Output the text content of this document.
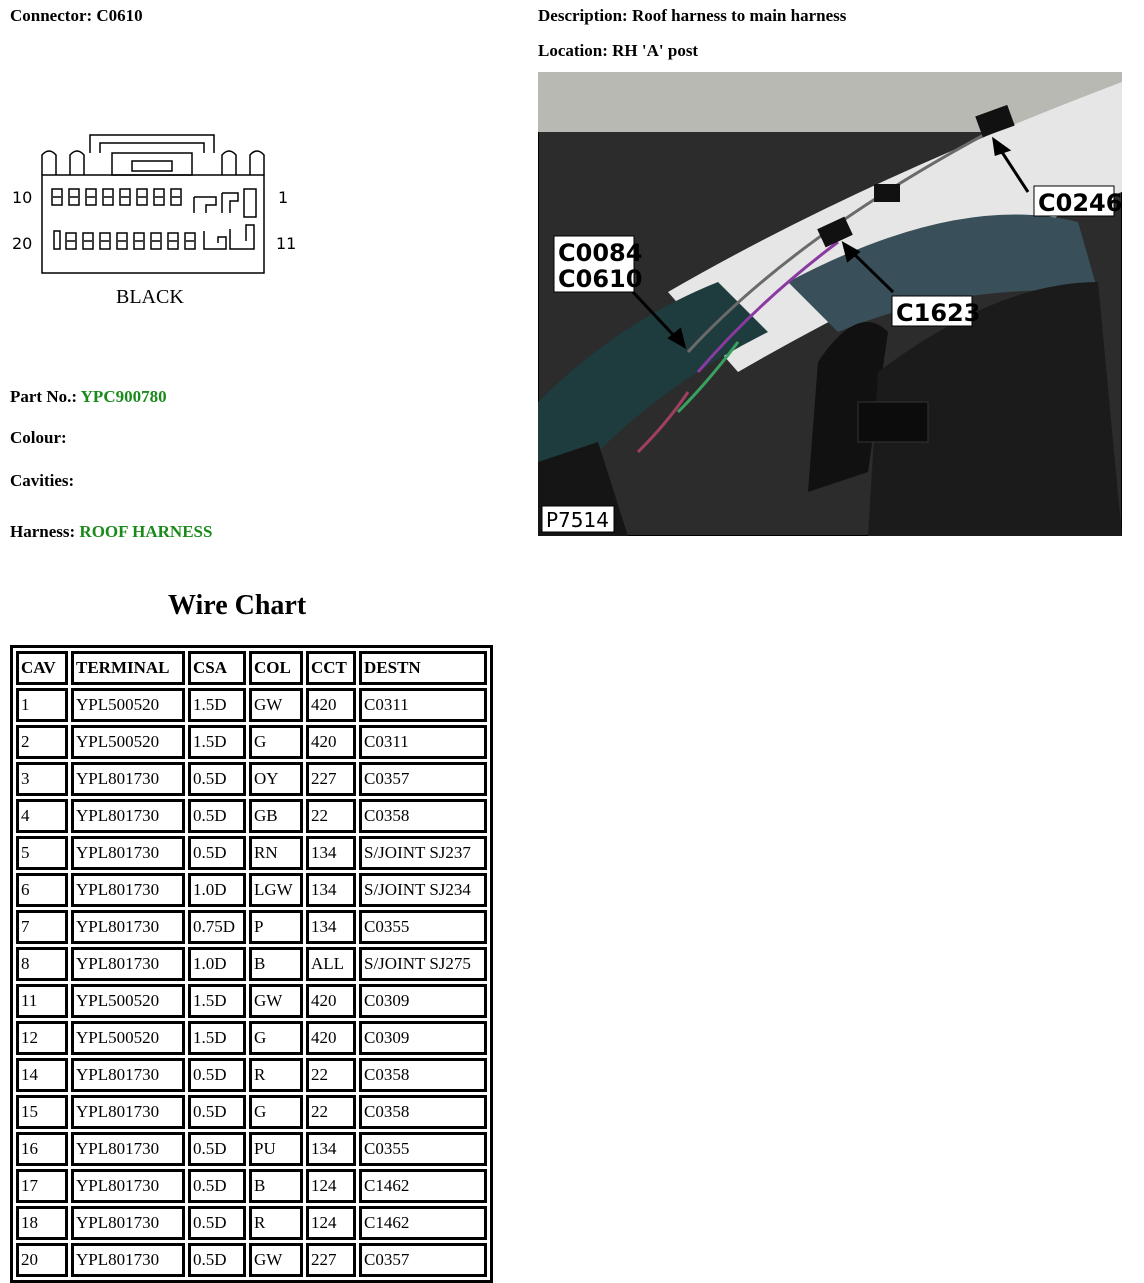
Connector: C0610	Description: Roof harness to main harness
Location: RH 'A' post
10	1
20	11
BLACK
Part No.: YPC900780
Colour:
Cavities:
Harness: ROOF HARNESS
C0246
C0084
C0610
C1623
P7514
Wire Chart
CAV	TERMINAL	CSA	COL	CCT	DESTN
1	YPL500520	1.5D	GW	420	C0311
2	YPL500520	1.5D	G	420	C0311
3	YPL801730	0.5D	OY	227	C0357
4	YPL801730	0.5D	GB	22	C0358
5	YPL801730	0.5D	RN	134	S/JOINT SJ237
6	YPL801730	1.0D	LGW	134	S/JOINT SJ234
7	YPL801730	0.75D	P	134	C0355
8	YPL801730	1.0D	B	ALL	S/JOINT SJ275
11	YPL500520	1.5D	GW	420	C0309
12	YPL500520	1.5D	G	420	C0309
14	YPL801730	0.5D	R	22	C0358
15	YPL801730	0.5D	G	22	C0358
16	YPL801730	0.5D	PU	134	C0355
17	YPL801730	0.5D	B	124	C1462
18	YPL801730	0.5D	R	124	C1462
20	YPL801730	0.5D	GW	227	C0357
